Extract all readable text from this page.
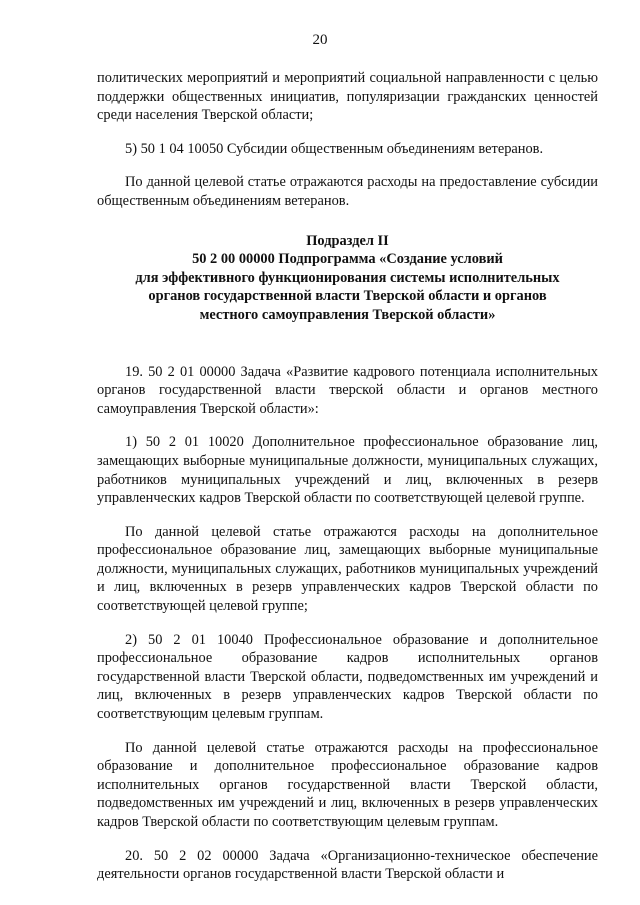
20

политических мероприятий и мероприятий социальной направленности с целью поддержки общественных инициатив, популяризации гражданских ценностей среди населения Тверской области;

5) 50 1 04 10050 Субсидии общественным объединениям ветеранов.

По данной целевой статье отражаются расходы на предоставление субсидии общественным объединениям ветеранов.

Подраздел II
50 2 00 00000 Подпрограмма «Создание условий
для эффективного функционирования системы исполнительных
органов государственной власти Тверской области и органов
местного самоуправления Тверской области»

19. 50 2 01 00000 Задача «Развитие кадрового потенциала исполнительных органов государственной власти тверской области и органов местного самоуправления Тверской области»:

1) 50 2 01 10020 Дополнительное профессиональное образование лиц, замещающих выборные муниципальные должности, муниципальных служащих, работников муниципальных учреждений и лиц, включенных в резерв управленческих кадров Тверской области по соответствующей целевой группе.

По данной целевой статье отражаются расходы на дополнительное профессиональное образование лиц, замещающих выборные муниципальные должности, муниципальных служащих, работников муниципальных учреждений и лиц, включенных в резерв управленческих кадров Тверской области по соответствующей целевой группе;

2) 50 2 01 10040 Профессиональное образование и дополнительное профессиональное образование кадров исполнительных органов государственной власти Тверской области, подведомственных им учреждений и лиц, включенных в резерв управленческих кадров Тверской области по соответствующим целевым группам.

По данной целевой статье отражаются расходы на профессиональное образование и дополнительное профессиональное образование кадров исполнительных органов государственной власти Тверской области, подведомственных им учреждений и лиц, включенных в резерв управленческих кадров Тверской области по соответствующим целевым группам.

20. 50 2 02 00000 Задача «Организационно-техническое обеспечение деятельности органов государственной власти Тверской области и
